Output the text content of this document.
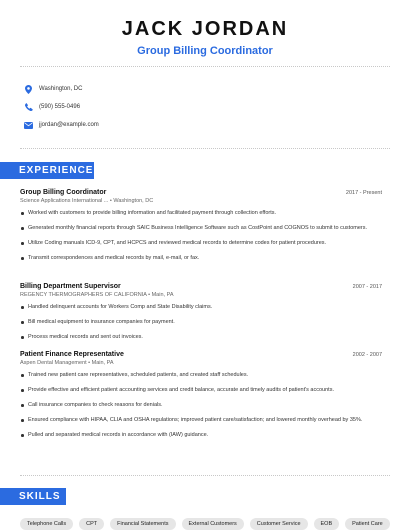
JACK JORDAN
Group Billing Coordinator
Washington, DC
(590) 555-0496
jjordan@example.com
EXPERIENCE
Group Billing Coordinator	2017 - Present
Science Applications International ... • Washington, DC
Worked with customers to provide billing information and facilitated payment through collection efforts.
Generated monthly financial reports through SAIC Business Intelligence Software such as CostPoint and COGNOS to submit to customers.
Utilize Coding manuals ICD-9, CPT, and HCPCS and reviewed medical records to determine codes for patient procedures.
Transmit correspondences and medical records by mail, e-mail, or fax.
Billing Department Supervisor	2007 - 2017
REGENCY THERMOGRAPHERS OF CALIFORNIA • Main, PA
Handled delinquent accounts for Workers Comp and State Disability claims.
Bill medical equipment to insurance companies for payment.
Process medical records and sent out invoices.
Patient Finance Representative	2002 - 2007
Aspen Dental Management • Main, PA
Trained new patient care representatives, scheduled patients, and created staff schedules.
Provide effective and efficient patient accounting services and credit balance, accurate and timely audits of patient's accounts.
Call insurance companies to check reasons for denials.
Ensured compliance with HIPAA, CLIA and OSHA regulations; improved patient care/satisfaction; and lowered monthly overhead by 35%.
Pulled and separated medical records in accordance with (IAW) guidance.
SKILLS
Telephone Calls	CPT	Financial Statements	External Customers	Customer Service	EOB	Patient Care
